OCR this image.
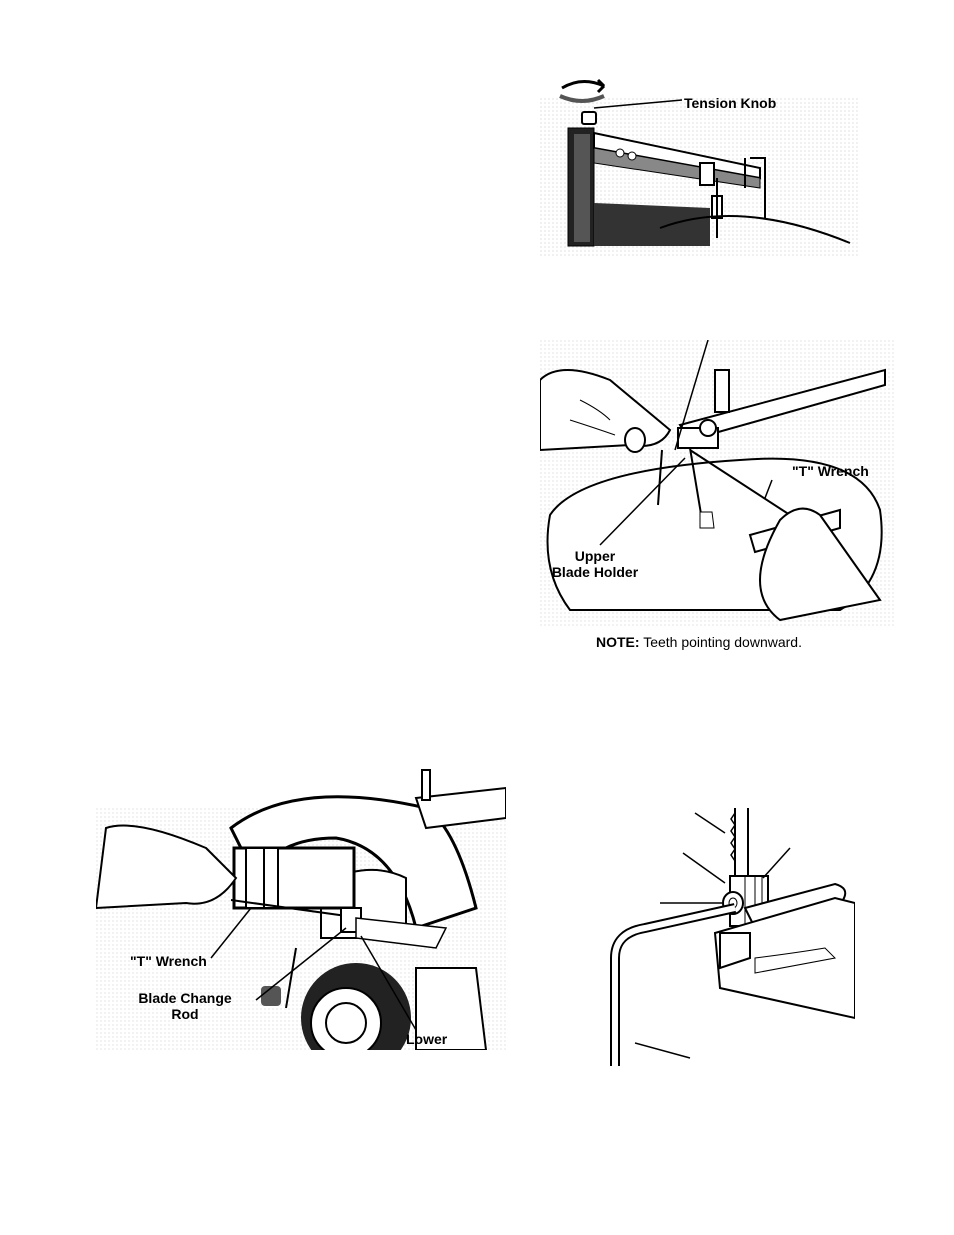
Tension Knob
"T" Wrench
Upper
Blade Holder
NOTE: Teeth pointing downward.
"T" Wrench
Blade Change
Rod
Lower
